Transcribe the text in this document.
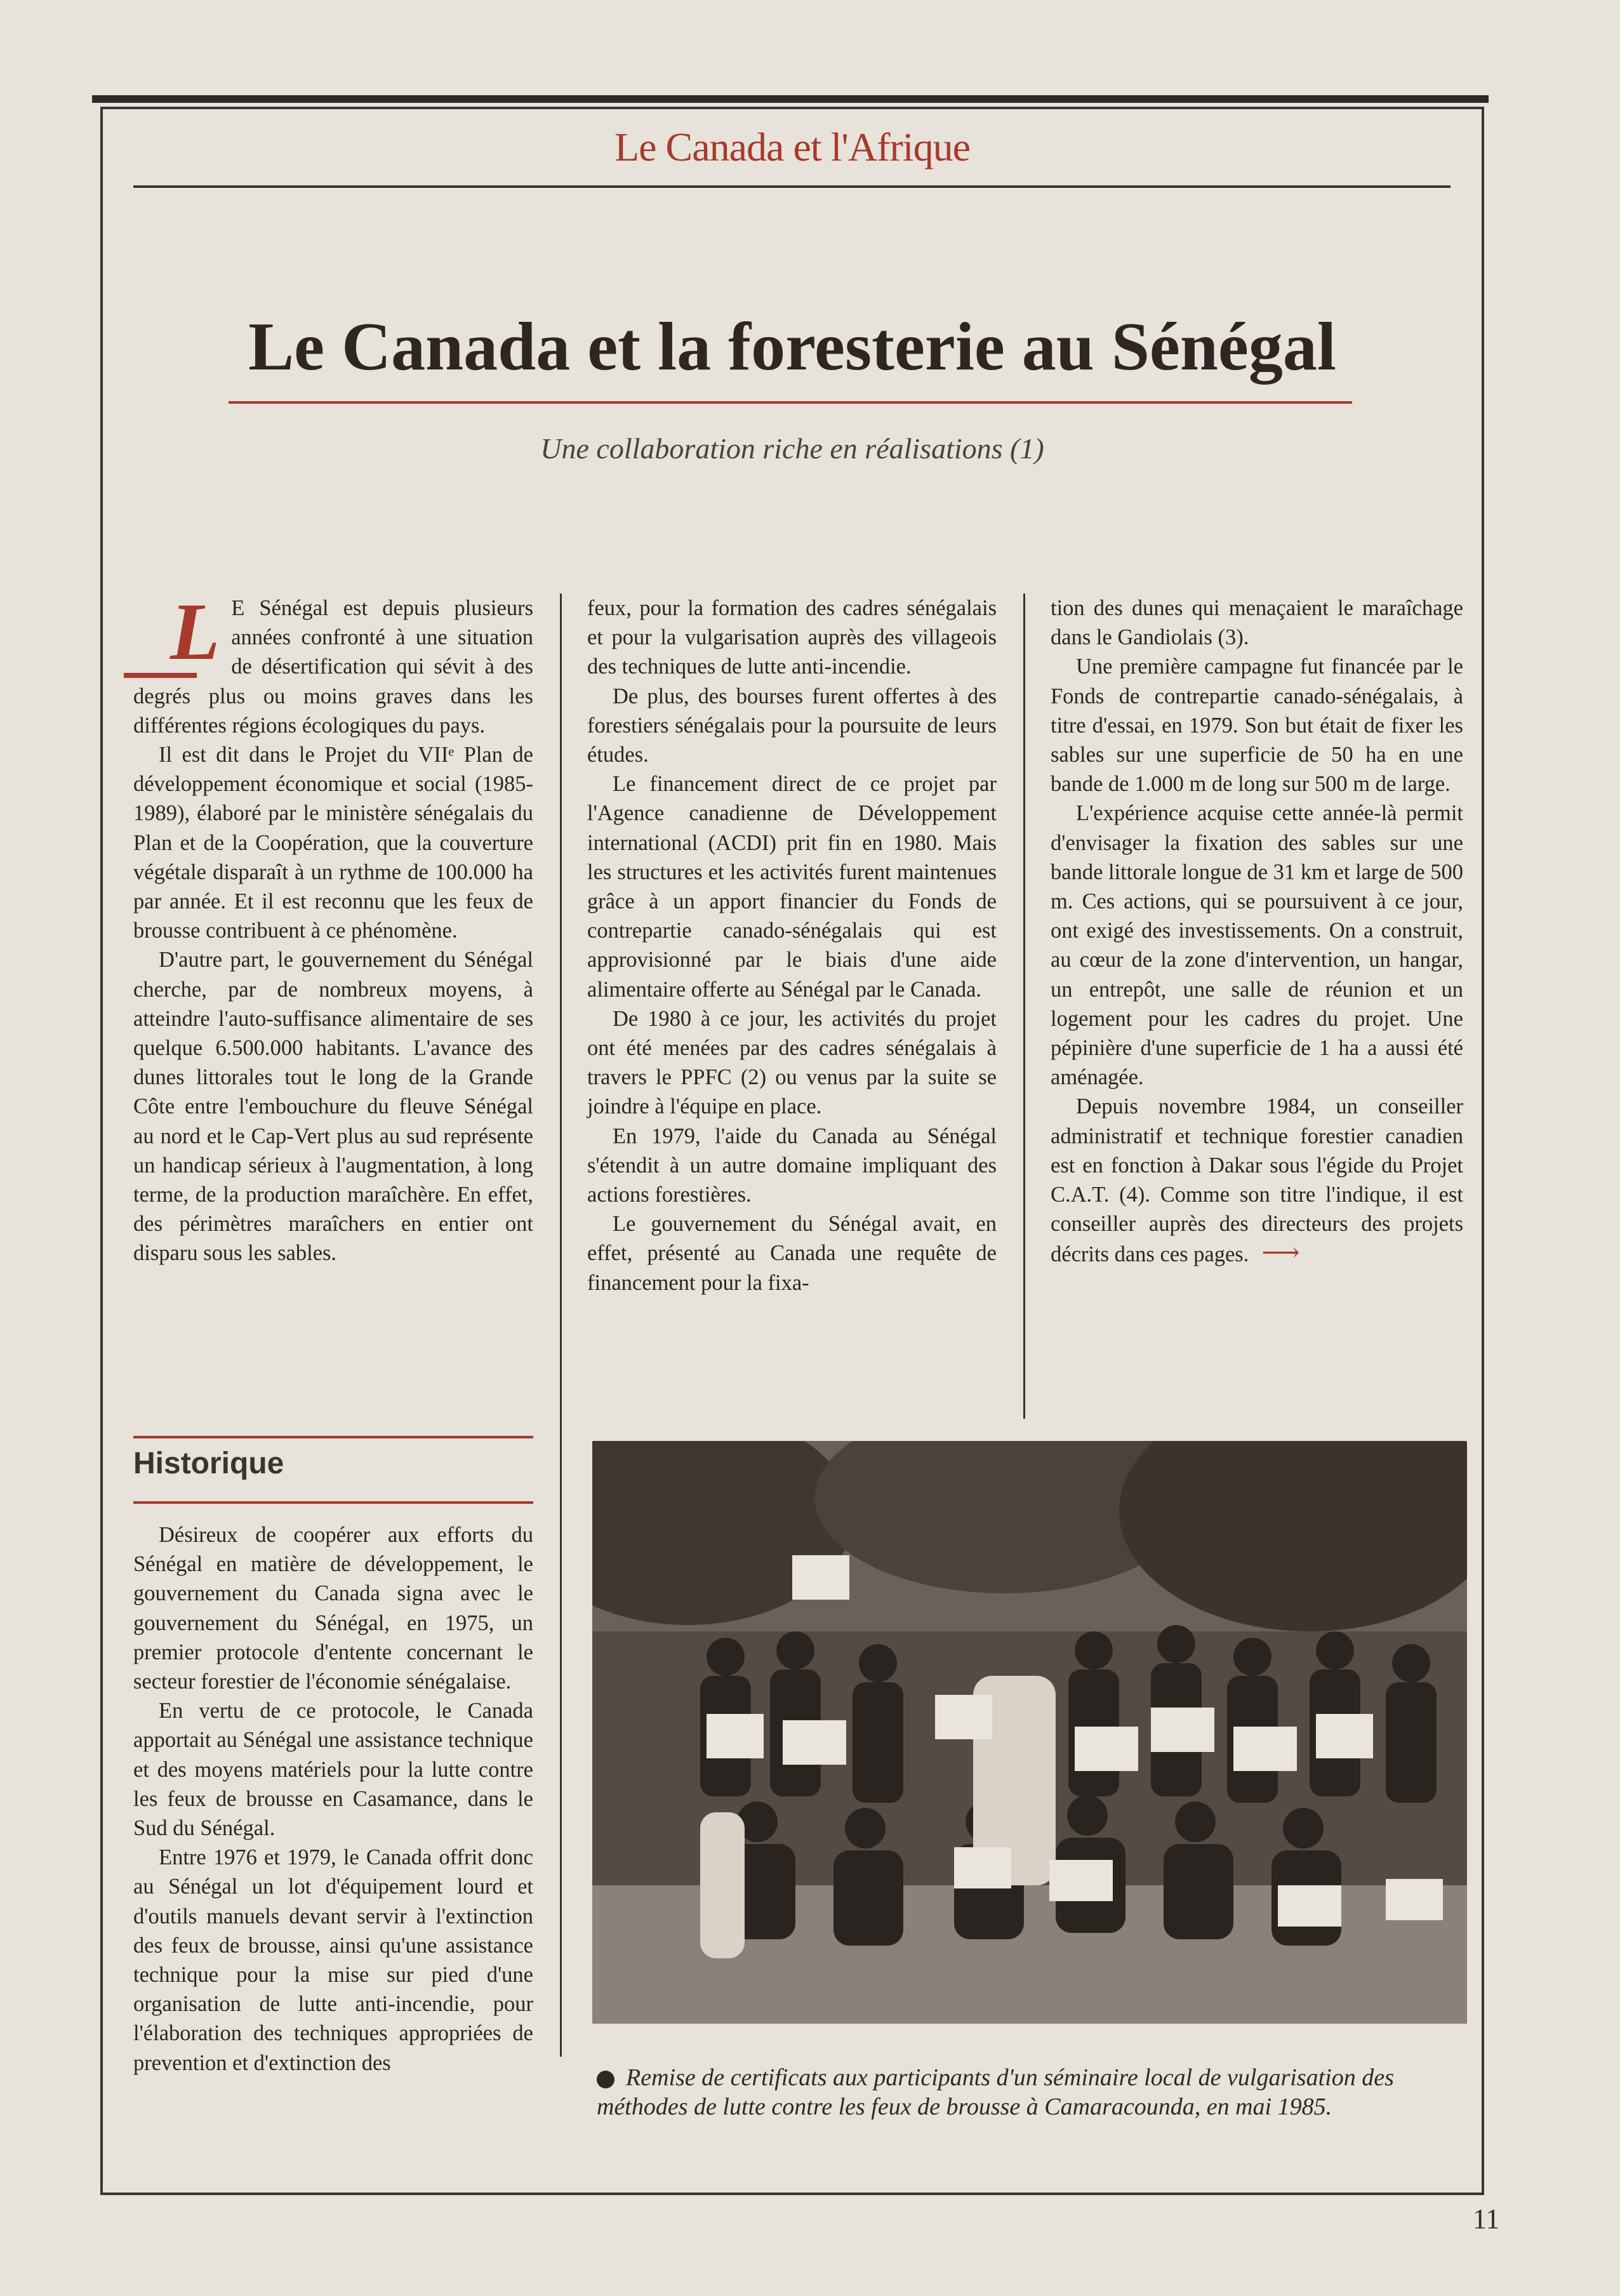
Le Canada et l'Afrique
Le Canada et la foresterie au Sénégal
Une collaboration riche en réalisations (1)

L E Sénégal est depuis plusieurs années confronté à une situation de désertification qui sévit à des degrés plus ou moins graves dans les différentes régions écologiques du pays.

Il est dit dans le Projet du VIIᵉ Plan de développement économique et social (1985-1989), élaboré par le ministère sénégalais du Plan et de la Coopération, que la couverture végétale disparaît à un rythme de 100.000 ha par année. Et il est reconnu que les feux de brousse contribuent à ce phénomène.

D'autre part, le gouvernement du Sénégal cherche, par de nombreux moyens, à atteindre l'auto-suffisance alimentaire de ses quelque 6.500.000 habitants. L'avance des dunes littorales tout le long de la Grande Côte entre l'embouchure du fleuve Sénégal au nord et le Cap-Vert plus au sud représente un handicap sérieux à l'augmentation, à long terme, de la production maraîchère. En effet, des périmètres maraîchers en entier ont disparu sous les sables.

Historique

Désireux de coopérer aux efforts du Sénégal en matière de développement, le gouvernement du Canada signa avec le gouvernement du Sénégal, en 1975, un premier protocole d'entente concernant le secteur forestier de l'économie sénégalaise.

En vertu de ce protocole, le Canada apportait au Sénégal une assistance technique et des moyens matériels pour la lutte contre les feux de brousse en Casamance, dans le Sud du Sénégal.

Entre 1976 et 1979, le Canada offrit donc au Sénégal un lot d'équipement lourd et d'outils manuels devant servir à l'extinction des feux de brousse, ainsi qu'une assistance technique pour la mise sur pied d'une organisation de lutte anti-incendie, pour l'élaboration des techniques appropriées de prevention et d'extinction des

feux, pour la formation des cadres sénégalais et pour la vulgarisation auprès des villageois des techniques de lutte anti-incendie.

De plus, des bourses furent offertes à des forestiers sénégalais pour la poursuite de leurs études.

Le financement direct de ce projet par l'Agence canadienne de Développement international (ACDI) prit fin en 1980. Mais les structures et les activités furent maintenues grâce à un apport financier du Fonds de contrepartie canado-sénégalais qui est approvisionné par le biais d'une aide alimentaire offerte au Sénégal par le Canada.

De 1980 à ce jour, les activités du projet ont été menées par des cadres sénégalais à travers le PPFC (2) ou venus par la suite se joindre à l'équipe en place.

En 1979, l'aide du Canada au Sénégal s'étendit à un autre domaine impliquant des actions forestières.

Le gouvernement du Sénégal avait, en effet, présenté au Canada une requête de financement pour la fixa-

tion des dunes qui menaçaient le maraîchage dans le Gandiolais (3).

Une première campagne fut financée par le Fonds de contrepartie canado-sénégalais, à titre d'essai, en 1979. Son but était de fixer les sables sur une superficie de 50 ha en une bande de 1.000 m de long sur 500 m de large.

L'expérience acquise cette année-là permit d'envisager la fixation des sables sur une bande littorale longue de 31 km et large de 500 m. Ces actions, qui se poursuivent à ce jour, ont exigé des investissements. On a construit, au cœur de la zone d'intervention, un hangar, un entrepôt, une salle de réunion et un logement pour les cadres du projet. Une pépinière d'une superficie de 1 ha a aussi été aménagée.

Depuis novembre 1984, un conseiller administratif et technique forestier canadien est en fonction à Dakar sous l'égide du Projet C.A.T. (4). Comme son titre l'indique, il est conseiller auprès des directeurs des projets décrits dans ces pages. ⟶

Remise de certificats aux participants d'un séminaire local de vulgarisation des méthodes de lutte contre les feux de brousse à Camaracounda, en mai 1985.
11
